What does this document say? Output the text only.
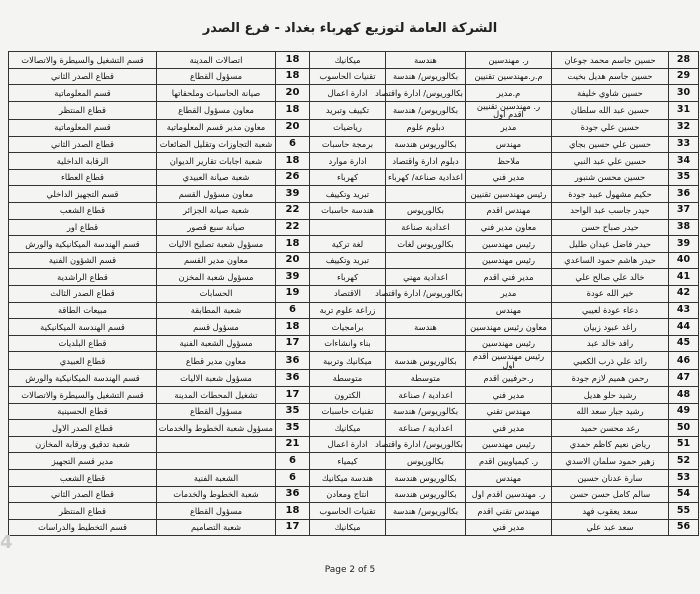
الشركة العامة لتوزيع كهرباء بغداد - فرع الصدر
28	حسين جاسم محمد جوعان	ر. مهندسين	هندسة	ميكانيك	18	اتصالات المدينة	قسم التشغيل والسيطرة والاتصالات
29	حسين جاسم هديل بخيت	م.ر.مهندسين تقنيين	بكالوريوس/ هندسة	تقنيات الحاسوب	18	مسؤول القطاع	قطاع الصدر الثاني
30	حسين شاوي خليفة	م.مدير	بكالوريوس/ ادارة واقتصاد	ادارة اعمال	20	صيانة الحاسبات وملحقاتها	قسم المعلوماتية
31	حسين عبد الله سلطان	ر. مهندسين تقنيين اقدم اول	بكالوريوس/ هندسة	تكييف وتبريد	18	معاون مسؤول القطاع	قطاع المنتظر
32	حسين علي جودة	مدير	دبلوم علوم	رياضيات	20	معاون مدير قسم المعلوماتية	قسم المعلوماتية
33	حسين علي حسين بجاي	مهندس	بكالوريوس هندسة	برمجة حاسبات	6	شعبة التجاوزات وتقليل الضائعات	قطاع الصدر الثاني
34	حسين علي عبد النبي	ملاحظ	دبلوم ادارة واقتصاد	ادارة موارد	18	شعبة اجابات تقارير الديوان	الرقابة الداخلية
35	حسين محسن شنبور	مدير فني	اعدادية صناعة/ كهرباء	كهرباء	26	شعبة صيانة العبيدي	قطاع العطاء
36	حكيم مشهول عبيد جودة	رئيس مهندسين تقنيين		تبريد وتكييف	39	معاون مسؤول القسم	قسم التجهيز الداخلي
37	حيدر جاسب عبد الواحد	مهندس اقدم	بكالوريوس	هندسة حاسبات	22	شعبة صيانة الجزائر	قطاع الشعب
38	حيدر صباح حسن	معاون مدير فني	اعدادية صناعة		22	صيانة سبع قصور	قطاع اور
39	حيدر فاضل عيدان طليل	رئيس مهندسين	بكالوريوس لغات	لغة تركية	18	مسؤول شعبة تصليح الاليات	قسم الهندسة الميكانيكية والورش
40	حيدر هاشم حمود الساعدي	رئيس مهندسين		تبريد وتكييف	20	معاون مدير القسم	قسم الشؤون الفنية
41	خالد علي صالح علي	مدير فني اقدم	اعدادية مهني	كهرباء	39	مسؤول شعبة المخزن	قطاع الراشدية
42	خير الله عودة	مدير	بكالوريوس/ ادارة واقتصاد	الاقتصاد	19	الحسابات	قطاع الصدر الثالث
43	دعاء عودة لعيبي	مهندس		زراعة علوم تربة	6	شعبة المطابقة	مبيعات الطاقة
44	راغد عبود زبيان	معاون رئيس مهندسين	هندسة	برامجيات	18	مسؤول قسم	قسم الهندسة الميكانيكية
45	رافد خالد عبد	رئيس مهندسين		بناء وانشاءات	17	مسؤول الشعبة الفنية	قطاع البلديات
46	رائد علي ذرب الكعبي	رئيس مهندسين اقدم اول	بكالوريوس هندسة	ميكانيك وتربية	36	معاون مدير قطاع	قطاع العبيدي
47	رحمن هميم لازم جودة	ر.حرفيين اقدم	متوسطة	متوسطة	36	مسؤول شعبة الاليات	قسم الهندسة الميكانيكية والورش
48	رشيد حلو هديل	مدير فني	اعدادية / صناعة	الكترون	17	تشغيل المحطات المدينة	قسم التشغيل والسيطرة والاتصالات
49	رشيد جبار سعد الله	مهندس تقني	بكالوريوس/ هندسة	تقنيات حاسبات	35	مسؤول القطاع	قطاع الحسينية
50	رعد محسن حميد	مدير فني	اعدادية / صناعة	ميكانيك	35	مسؤول شعبة الخطوط والخدمات	قطاع الصدر الاول
51	رياض نعيم كاظم حمدي	رئيس مهندسين	بكالوريوس/ ادارة واقتصاد	ادارة اعمال	21		شعبة تدقيق ورقابة المخازن
52	زهير حمود سلمان الاسدي	ر. كيمياويين اقدم	بكالوريوس	كيمياء	6		مدير قسم التجهيز
53	سارة عدنان حسين	مهندس	بكالوريوس هندسة	هندسة ميكانيك	6	الشعبة الفنية	قطاع الشعب
54	سالم كامل حسن حسن	ر. مهندسين اقدم اول	بكالوريوس هندسة	انتاج ومعادن	36	شعبة الخطوط والخدمات	قطاع الصدر الثاني
55	سعد يعقوب فهد	مهندس تقني اقدم	بكالوريوس/ هندسة	تقنيات الحاسوب	18	مسؤول القطاع	قطاع المنتظر
56	سعد عبد علي	مدير فني		ميكانيك	17	شعبة التصاميم	قسم التخطيط والدراسات
Page 2 of 5
4
